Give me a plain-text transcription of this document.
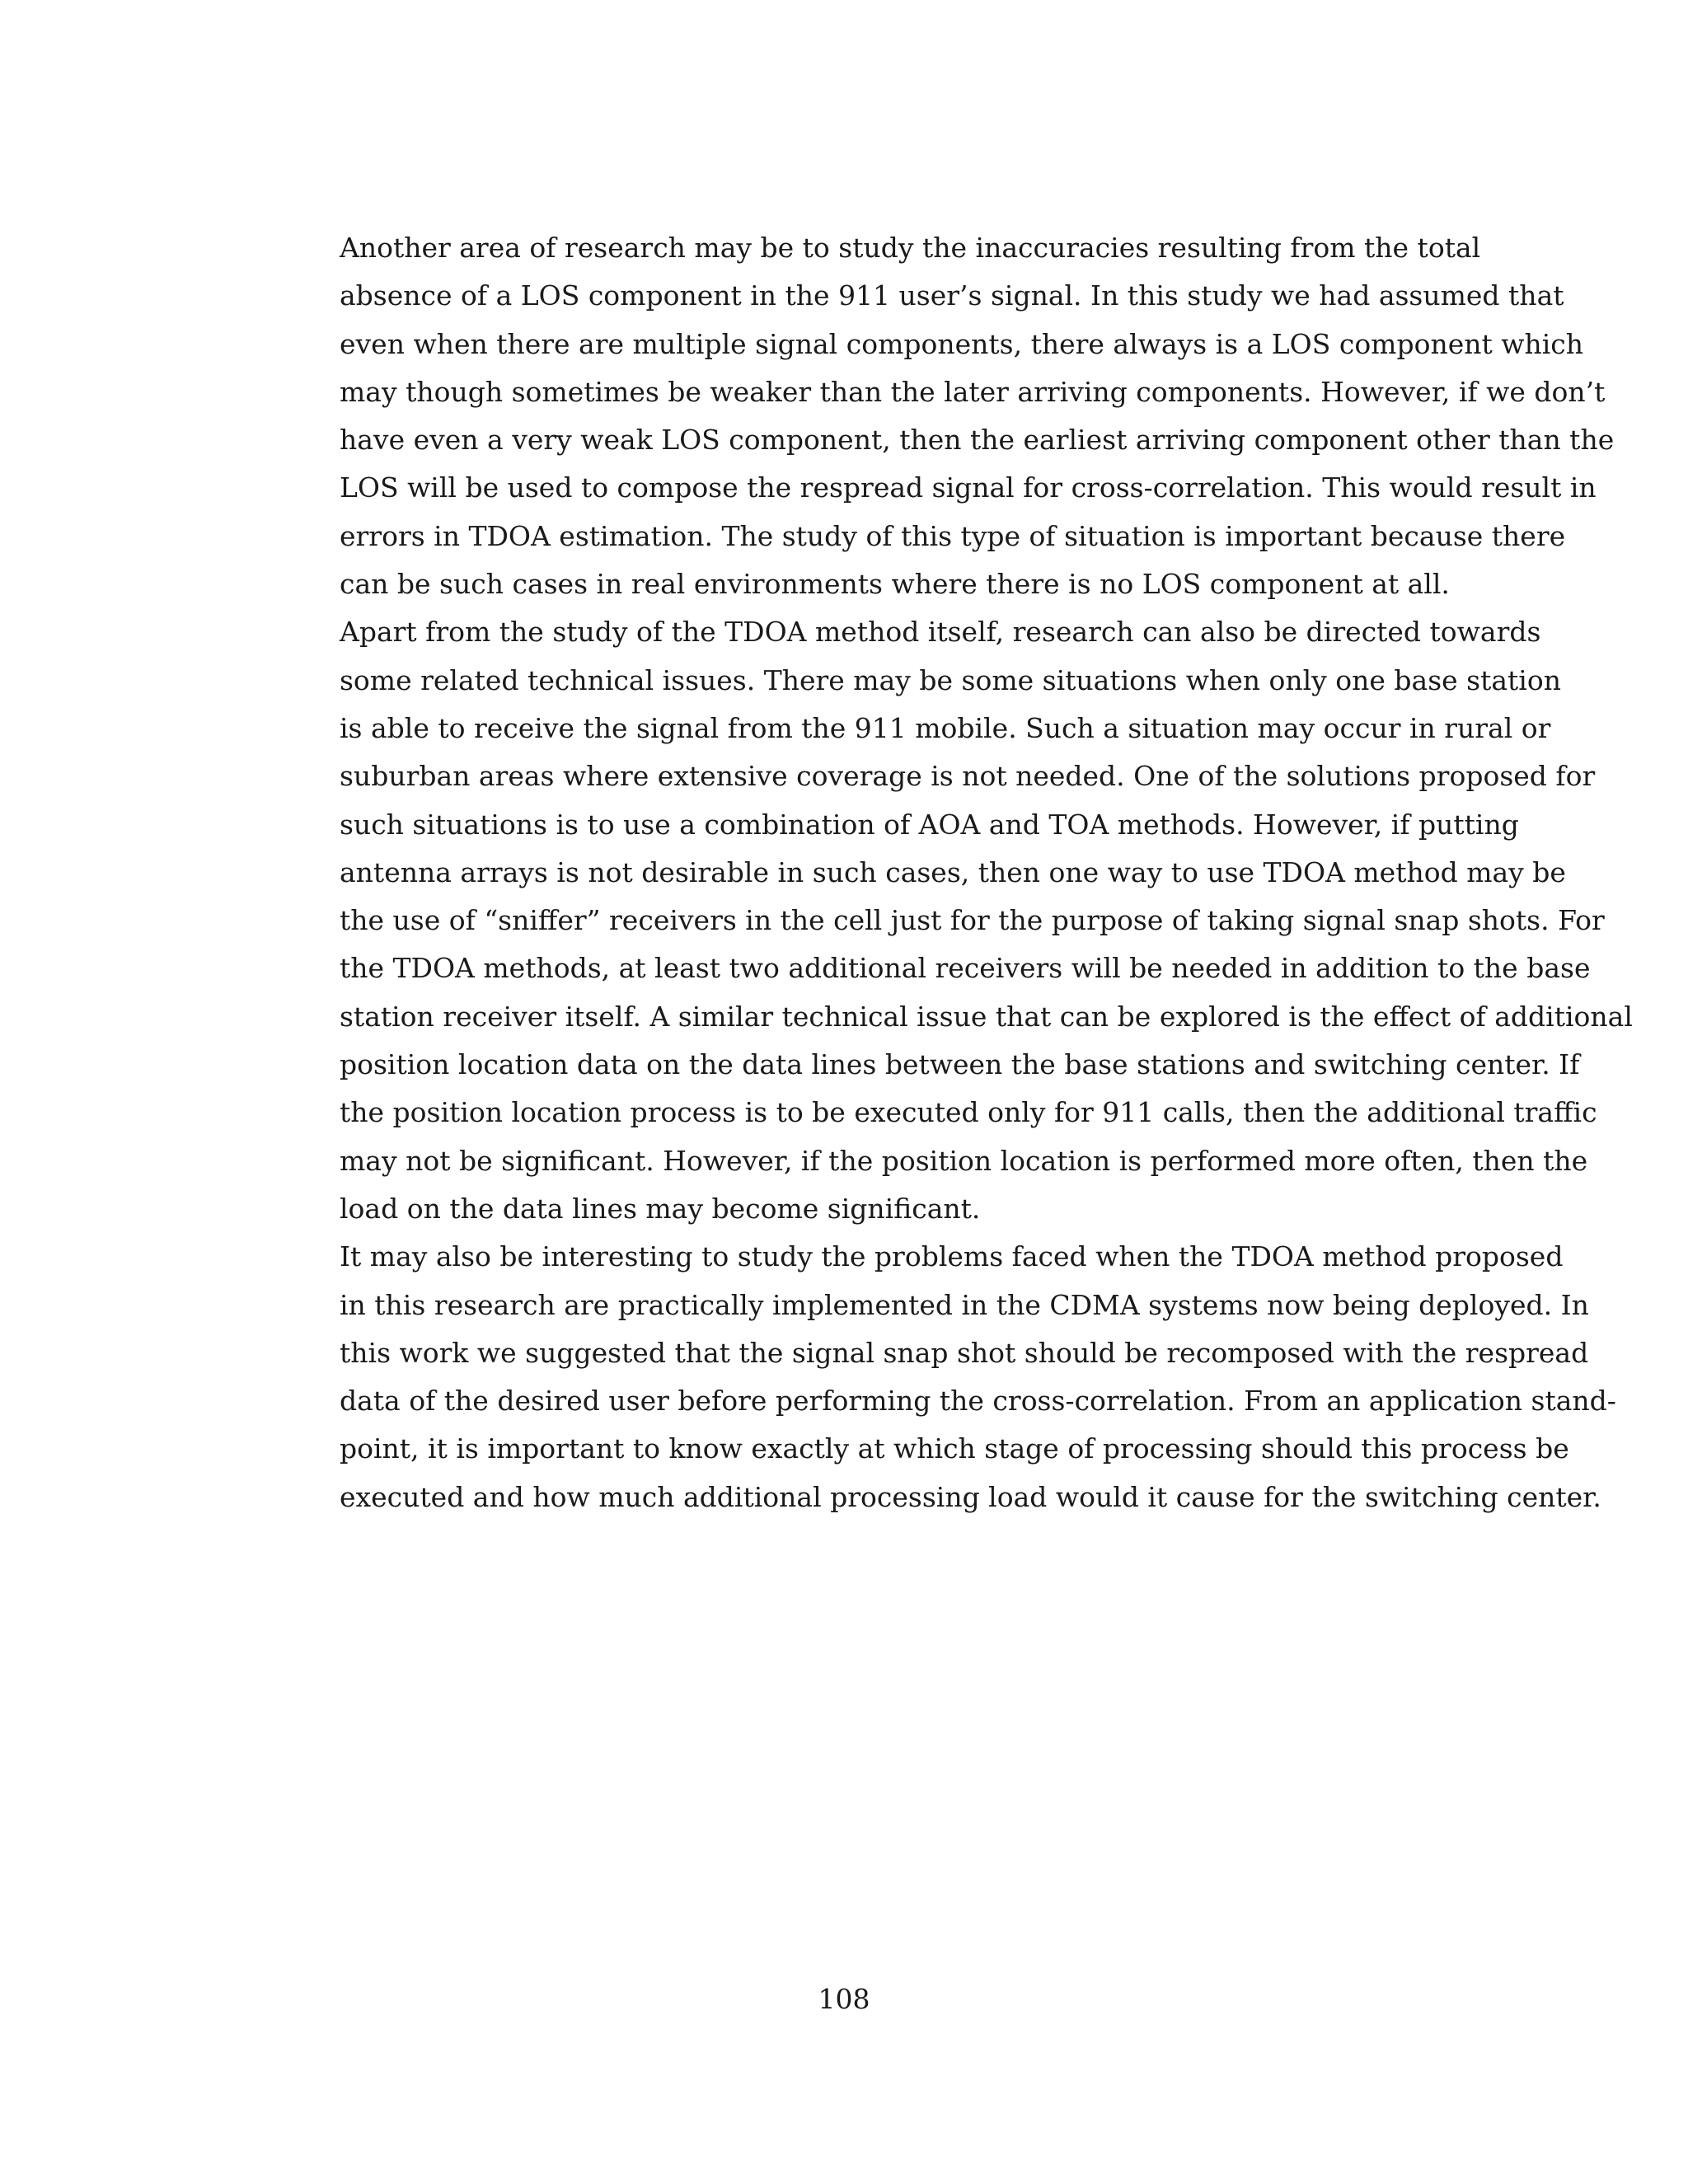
Another area of research may be to study the inaccuracies resulting from the total
absence of a LOS component in the 911 user’s signal. In this study we had assumed that
even when there are multiple signal components, there always is a LOS component which
may though sometimes be weaker than the later arriving components. However, if we don’t
have even a very weak LOS component, then the earliest arriving component other than the
LOS will be used to compose the respread signal for cross-correlation. This would result in
errors in TDOA estimation. The study of this type of situation is important because there
can be such cases in real environments where there is no LOS component at all.

Apart from the study of the TDOA method itself, research can also be directed towards
some related technical issues. There may be some situations when only one base station
is able to receive the signal from the 911 mobile. Such a situation may occur in rural or
suburban areas where extensive coverage is not needed. One of the solutions proposed for
such situations is to use a combination of AOA and TOA methods. However, if putting
antenna arrays is not desirable in such cases, then one way to use TDOA method may be
the use of “sniffer” receivers in the cell just for the purpose of taking signal snap shots. For
the TDOA methods, at least two additional receivers will be needed in addition to the base
station receiver itself. A similar technical issue that can be explored is the effect of additional
position location data on the data lines between the base stations and switching center. If
the position location process is to be executed only for 911 calls, then the additional traffic
may not be significant. However, if the position location is performed more often, then the
load on the data lines may become significant.

It may also be interesting to study the problems faced when the TDOA method proposed
in this research are practically implemented in the CDMA systems now being deployed. In
this work we suggested that the signal snap shot should be recomposed with the respread
data of the desired user before performing the cross-correlation. From an application stand-
point, it is important to know exactly at which stage of processing should this process be
executed and how much additional processing load would it cause for the switching center.

108
